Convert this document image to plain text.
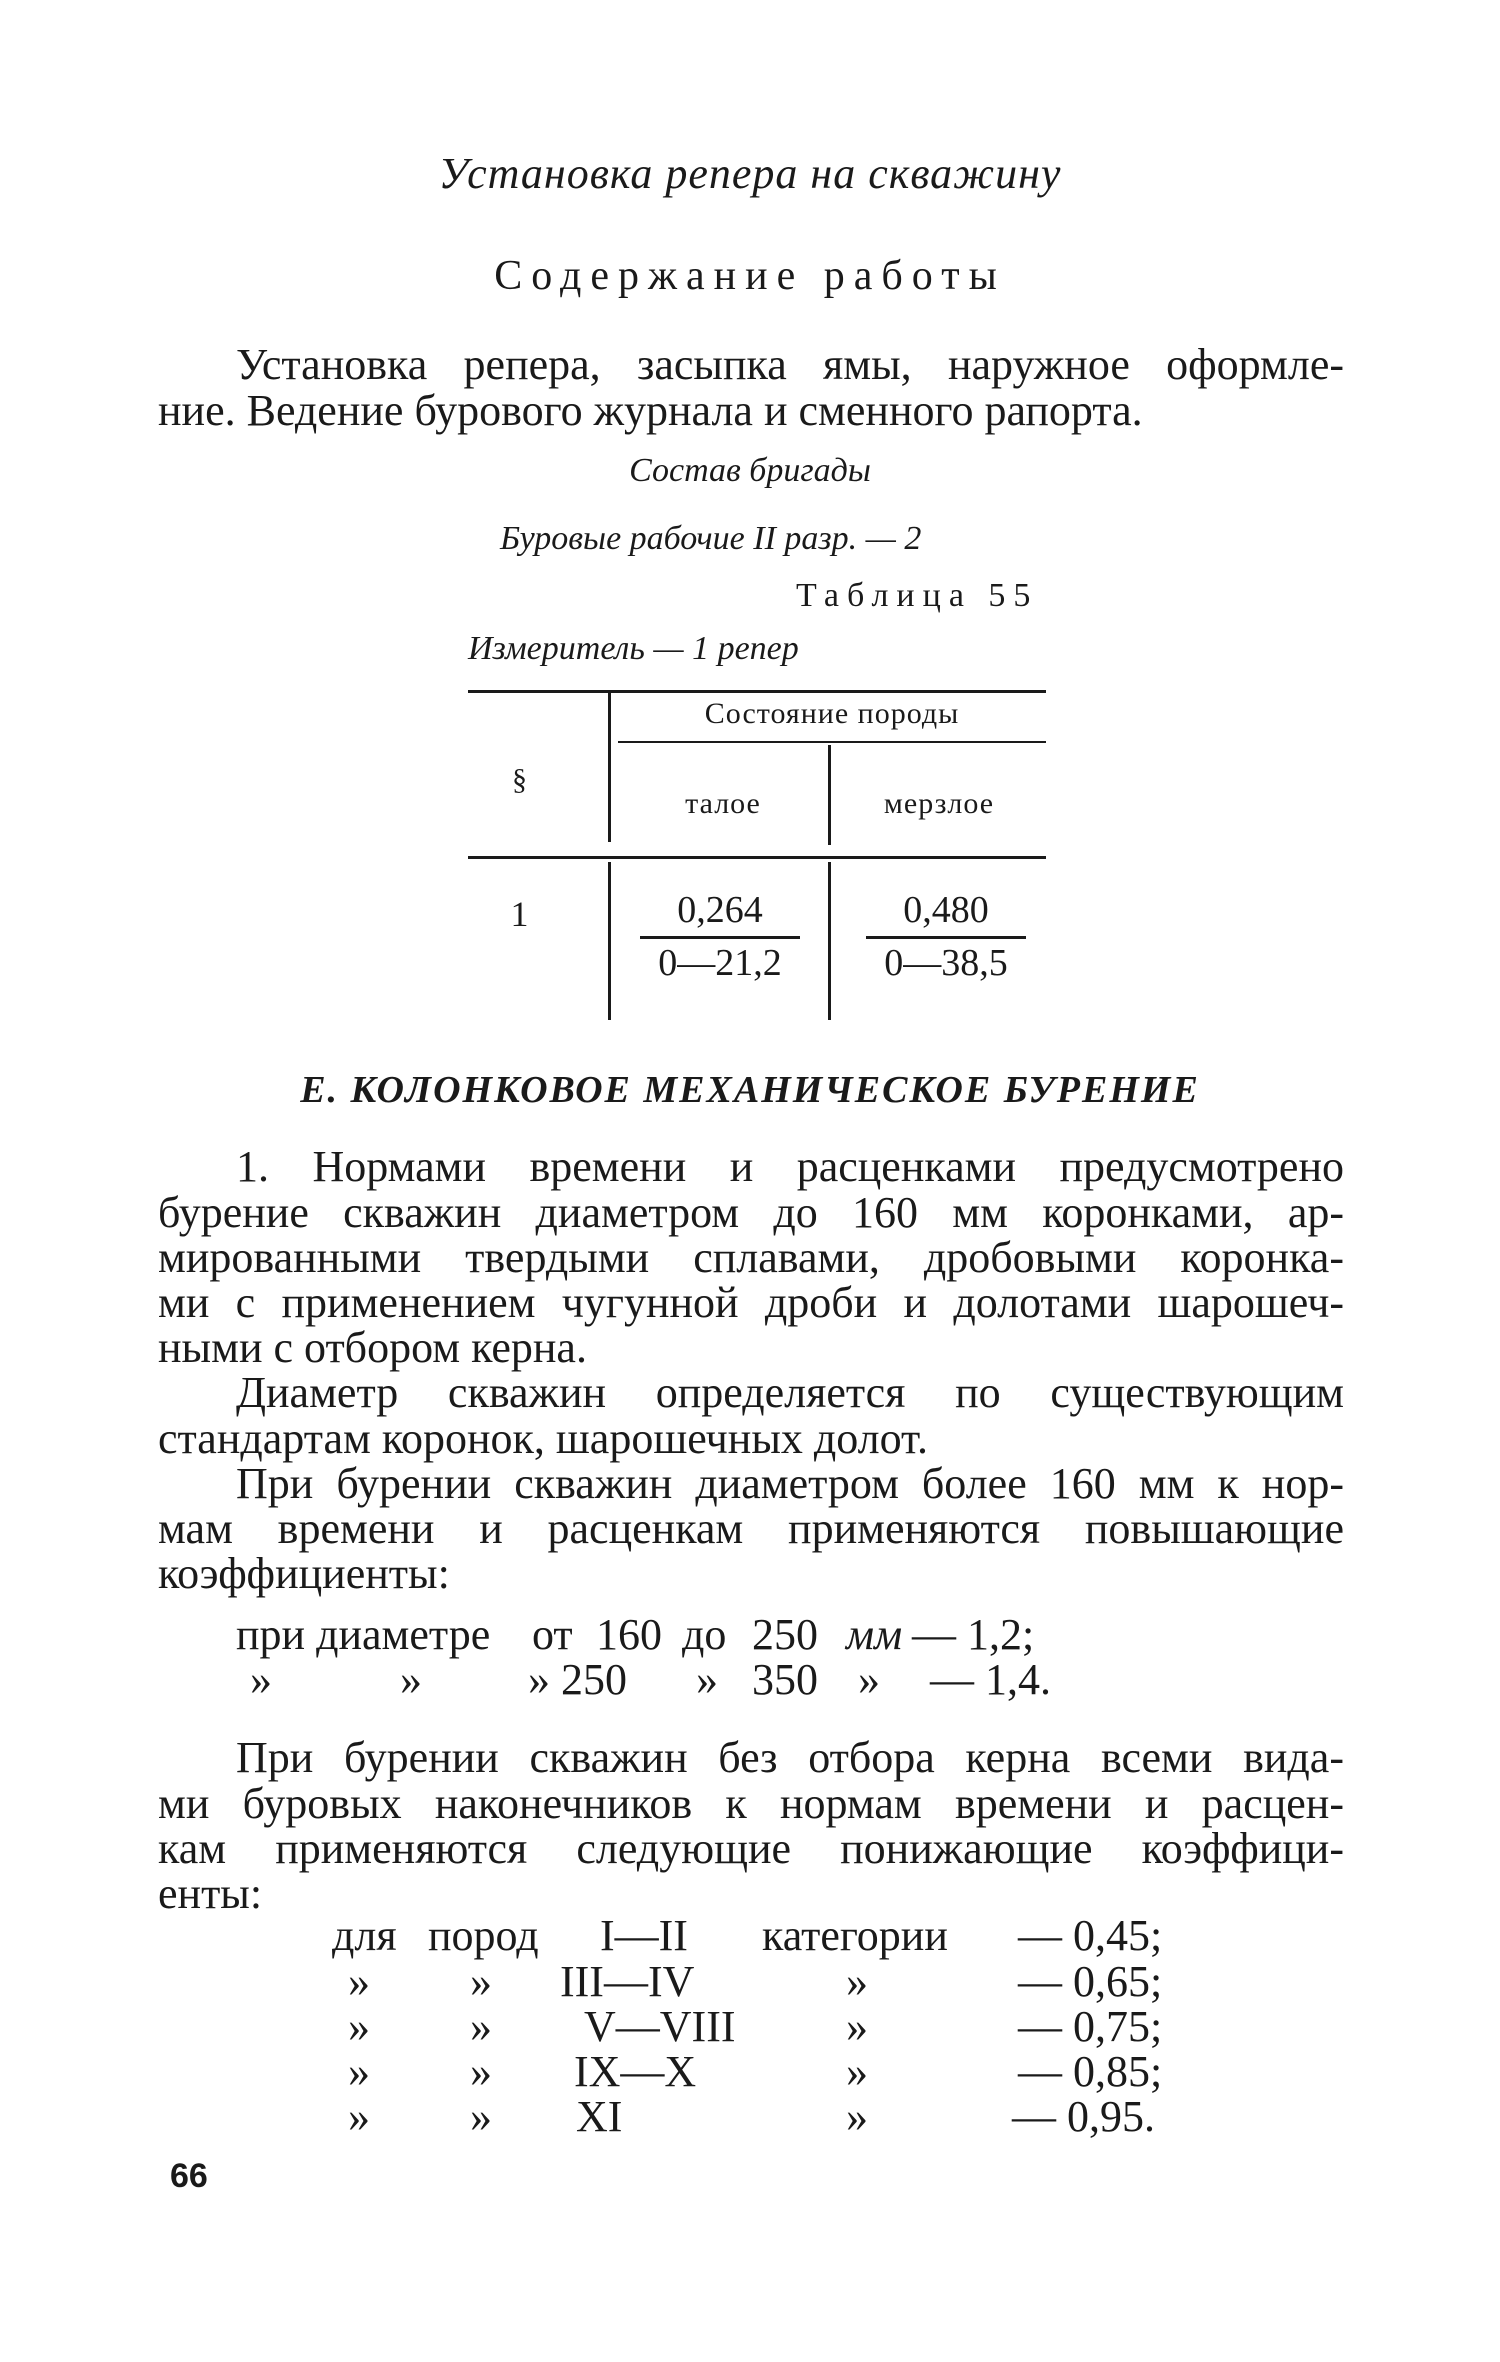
Установка репера на скважину
Содержание работы
Установка репера, засыпка ямы, наружное оформле-
ние. Ведение бурового журнала и сменного рапорта.
Состав бригады
Буровые рабочие II разр. — 2
Таблица 55
Измеритель — 1 репер
§
Состояние породы
талое	мерзлое
1	$\frac{0,264}{0—21,2} \frac{0,480}{0—38,5}$
Е. КОЛОНКОВОЕ МЕХАНИЧЕСКОЕ БУРЕНИЕ
1. Нормами времени и расценками предусмотрено
бурение скважин диаметром до 160 мм коронками, ар-
мированными твердыми сплавами, дробовыми коронка-
ми с применением чугунной дроби и долотами шарошеч-
ными с отбором керна.
Диаметр скважин определяется по существующим
стандартам коронок, шарошечных долот.
При бурении скважин диаметром более 160 мм к нор-
мам времени и расценкам применяются повышающие
коэффициенты:
при диаметре от 160 до 250 мм — 1,2;
»	» » 250 » 350 » — 1,4.
При бурении скважин без отбора керна всеми вида-
ми буровых наконечников к нормам времени и расцен-
кам применяются следующие понижающие коэффици-
енты:
для пород I—II категории — 0,45;
» » III—IV	»	— 0,65;
» » V—VIII	»	— 0,75;
» » IX—X	»	— 0,85;
» » XI	»	— 0,95.
66
